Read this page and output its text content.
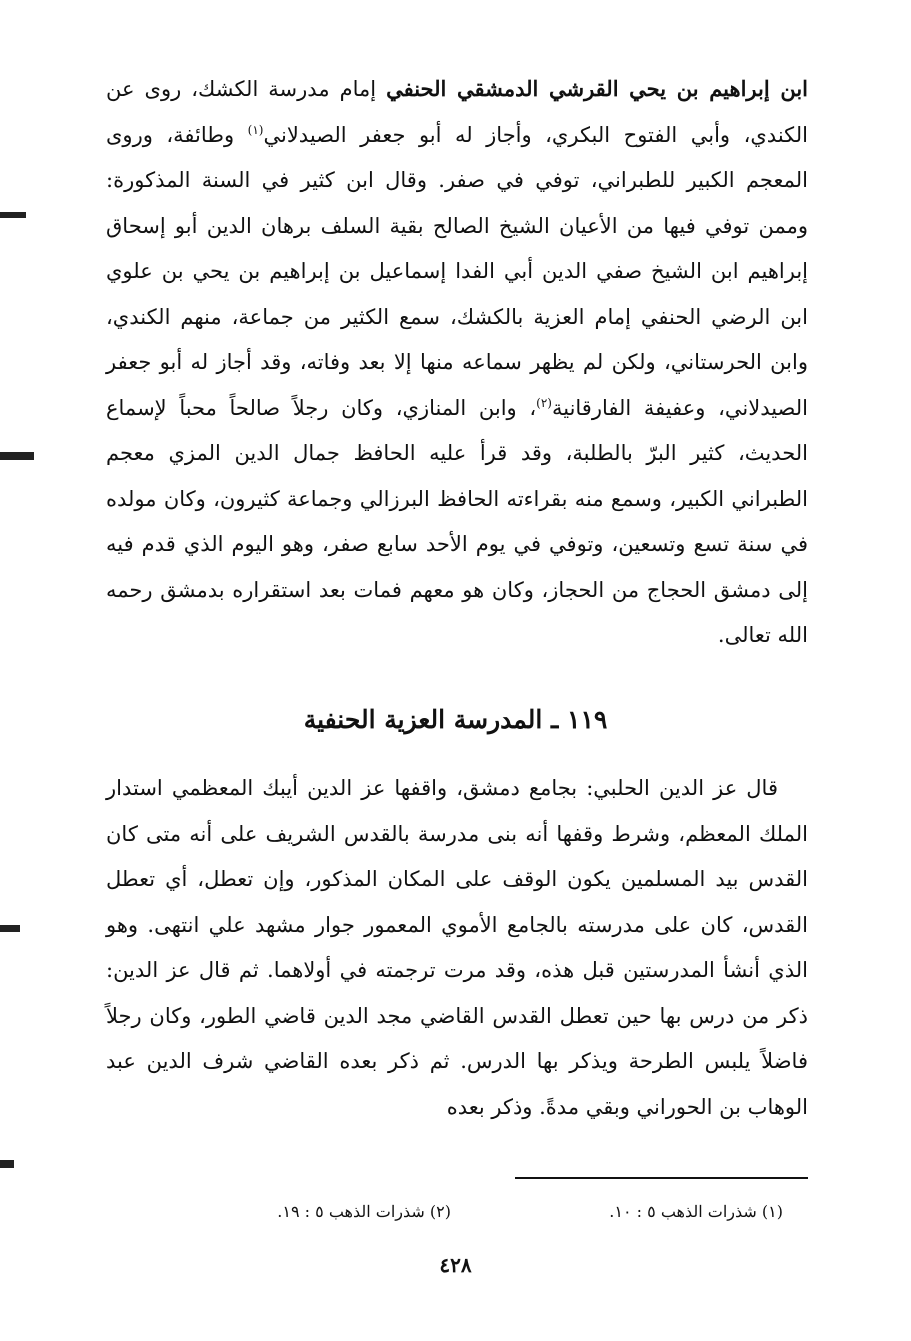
ابن إبراهيم بن يحي القرشي الدمشقي الحنفي إمام مدرسة الكشك، روى عن الكندي، وأبي الفتوح البكري، وأجاز له أبو جعفر الصيدلاني$^{(١)}$ وطائفة، وروى المعجم الكبير للطبراني، توفي في صفر. وقال ابن كثير في السنة المذكورة: وممن توفي فيها من الأعيان الشيخ الصالح بقية السلف برهان الدين أبو إسحاق إبراهيم ابن الشيخ صفي الدين أبي الفدا إسماعيل بن إبراهيم بن يحي بن علوي ابن الرضي الحنفي إمام العزية بالكشك، سمع الكثير من جماعة، منهم الكندي، وابن الحرستاني، ولكن لم يظهر سماعه منها إلا بعد وفاته، وقد أجاز له أبو جعفر الصيدلاني، وعفيفة الفارقانية$^{(٢)}$، وابن المنازي، وكان رجلاً صالحاً محباً لإسماع الحديث، كثير البرّ بالطلبة، وقد قرأ عليه الحافظ جمال الدين المزي معجم الطبراني الكبير، وسمع منه بقراءته الحافظ البرزالي وجماعة كثيرون، وكان مولده في سنة تسع وتسعين، وتوفي في يوم الأحد سابع صفر، وهو اليوم الذي قدم فيه إلى دمشق الحجاج من الحجاز، وكان هو معهم فمات بعد استقراره بدمشق رحمه الله تعالى.
١١٩ ـ المدرسة العزية الحنفية
قال عز الدين الحلبي: بجامع دمشق، واقفها عز الدين أيبك المعظمي استدار الملك المعظم، وشرط وقفها أنه بنى مدرسة بالقدس الشريف على أنه متى كان القدس بيد المسلمين يكون الوقف على المكان المذكور، وإن تعطل، أي تعطل القدس، كان على مدرسته بالجامع الأموي المعمور جوار مشهد علي انتهى. وهو الذي أنشأ المدرستين قبل هذه، وقد مرت ترجمته في أولاهما. ثم قال عز الدين: ذكر من درس بها حين تعطل القدس القاضي مجد الدين قاضي الطور، وكان رجلاً فاضلاً يلبس الطرحة ويذكر بها الدرس. ثم ذكر بعده القاضي شرف الدين عبد الوهاب بن الحوراني وبقي مدةً. وذكر بعده
(١) شذرات الذهب ٥ : ١٠.
(٢) شذرات الذهب ٥ : ١٩.
٤٢٨
